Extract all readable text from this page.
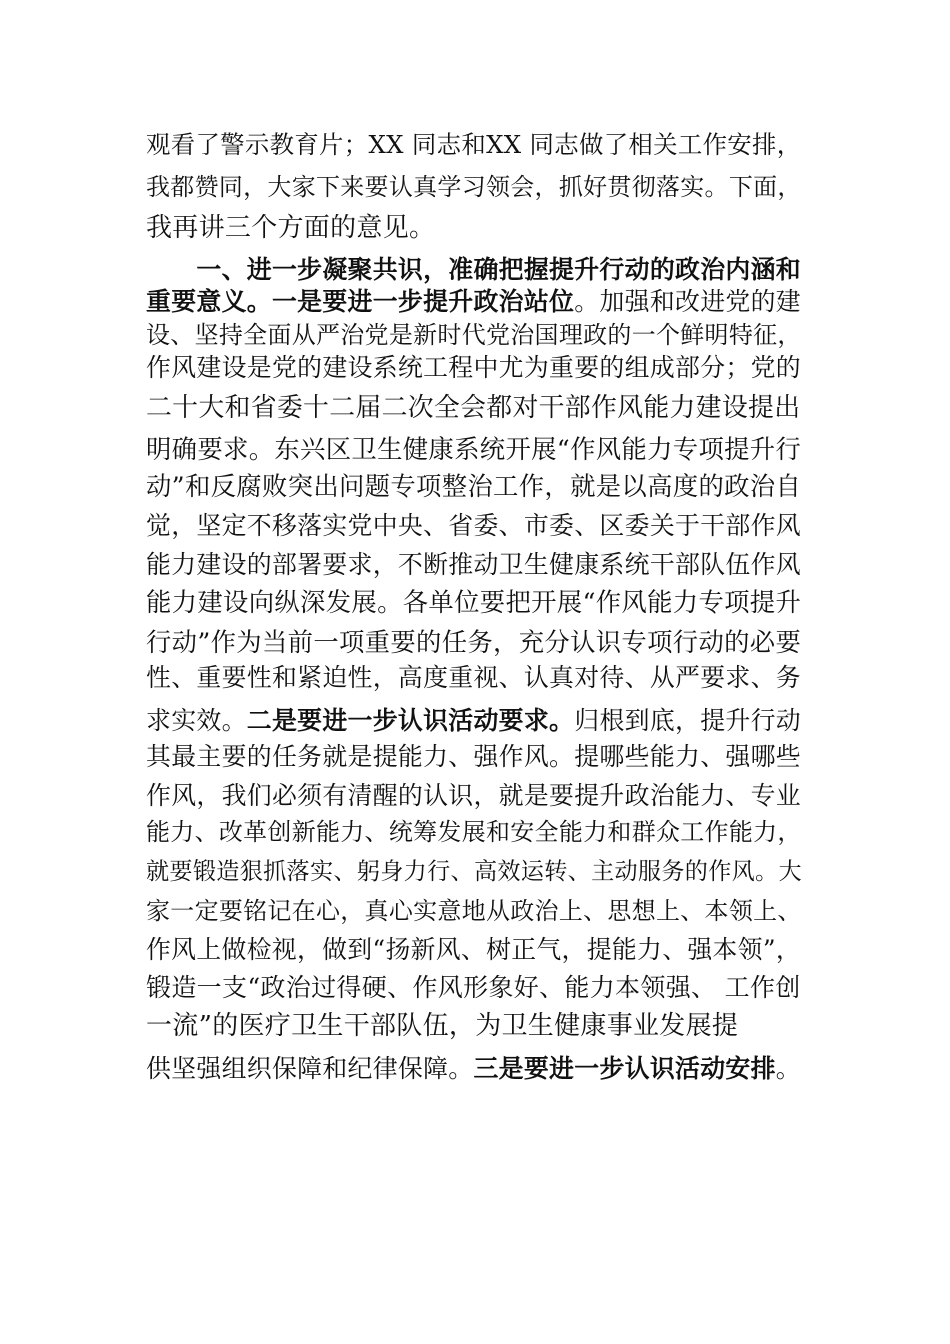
观看了警示教育片；XX 同志和XX 同志做了相关工作安排，
我都赞同，大家下来要认真学习领会，抓好贯彻落实。下面，
我再讲三个方面的意见。
　　一、进一步凝聚共识，准确把握提升行动的政治内涵和
重要意义。一是要进一步提升政治站位。加强和改进党的建
设、坚持全面从严治党是新时代党治国理政的一个鲜明特征，
作风建设是党的建设系统工程中尤为重要的组成部分；党的
二十大和省委十二届二次全会都对干部作风能力建设提出
明确要求。东兴区卫生健康系统开展“作风能力专项提升行
动”和反腐败突出问题专项整治工作，就是以高度的政治自
觉，坚定不移落实党中央、省委、市委、区委关于干部作风
能力建设的部署要求，不断推动卫生健康系统干部队伍作风
能力建设向纵深发展。各单位要把开展“作风能力专项提升
行动”作为当前一项重要的任务，充分认识专项行动的必要
性、重要性和紧迫性，高度重视、认真对待、从严要求、务
求实效。二是要进一步认识活动要求。归根到底，提升行动
其最主要的任务就是提能力、强作风。提哪些能力、强哪些
作风，我们必须有清醒的认识，就是要提升政治能力、专业
能力、改革创新能力、统筹发展和安全能力和群众工作能力，
就要锻造狠抓落实、躬身力行、高效运转、主动服务的作风。大
家一定要铭记在心，真心实意地从政治上、思想上、本领上、
作风上做检视，做到“扬新风、树正气，提能力、强本领”，
锻造一支“政治过得硬、作风形象好、能力本领强、 工作创
一流”的医疗卫生干部队伍，为卫生健康事业发展提
供坚强组织保障和纪律保障。三是要进一步认识活动安排。
